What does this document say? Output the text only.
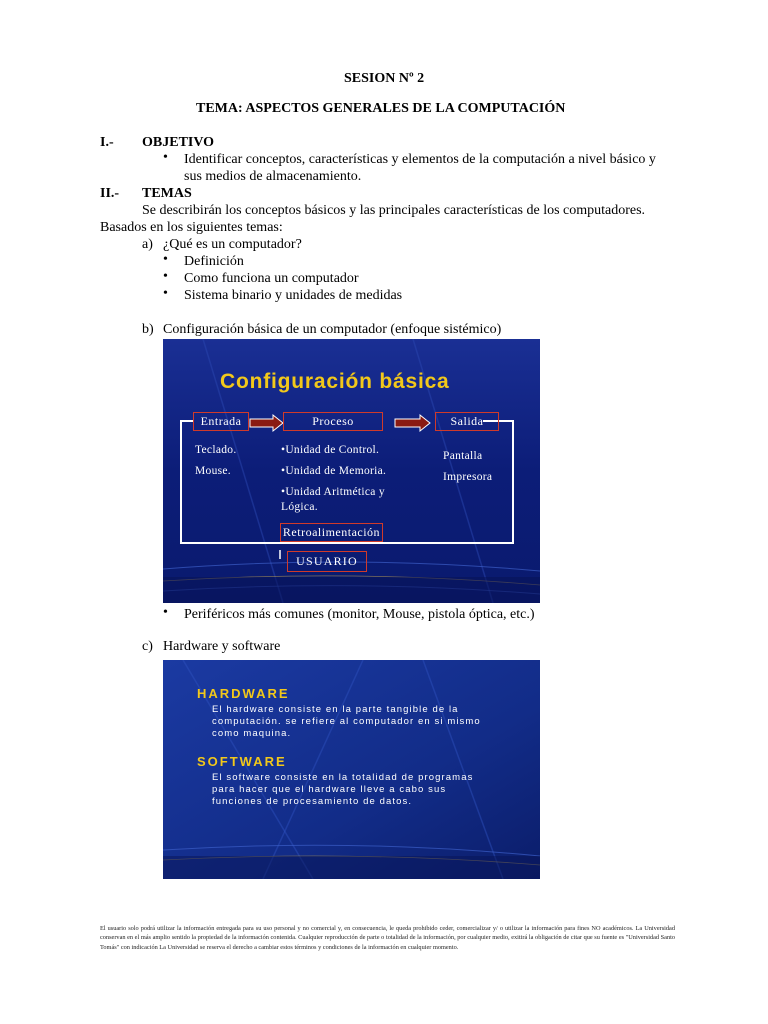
SESION Nº 2
TEMA: ASPECTOS GENERALES DE LA COMPUTACIÓN
I.- OBJETIVO
• Identificar conceptos, características y elementos de la computación a nivel básico y
sus medios de almacenamiento.
II.- TEMAS
Se describirán los conceptos básicos y las principales características de los computadores.
Basados en los siguientes temas:
a) ¿Qué es un computador?
• Definición
• Como funciona un computador
• Sistema binario y unidades de medidas
b) Configuración básica de un computador (enfoque sistémico)
Configuración básica
Entrada	Proceso	Salida
Teclado.
Mouse.
•Unidad de Control.
•Unidad de Memoria.
•Unidad Aritmética y
Lógica.
Pantalla
Impresora
Retroalimentación
USUARIO
• Periféricos más comunes (monitor, Mouse, pistola óptica, etc.)
c) Hardware y software
HARDWARE
El hardware consiste en la parte tangible de la
computación. se refiere al computador en si mismo
como maquina.
SOFTWARE
El software consiste en la totalidad de programas
para hacer que el hardware lleve a cabo sus
funciones de procesamiento de datos.
El usuario solo podrá utilizar la información entregada para su uso personal y no comercial y, en consecuencia, le queda prohibido ceder, comercializar y/ o utilizar la información para fines NO académicos. La Universidad conservan en el más amplio sentido la propiedad de la información contenida. Cualquier reproducción de parte o totalidad de la información, por cualquier medio, exitirá la obligación de citar que su fuente es "Universidad Santo Tomás" con indicación La Universidad se reserva el derecho a cambiar estos términos y condiciones de la información en cualquier momento.
